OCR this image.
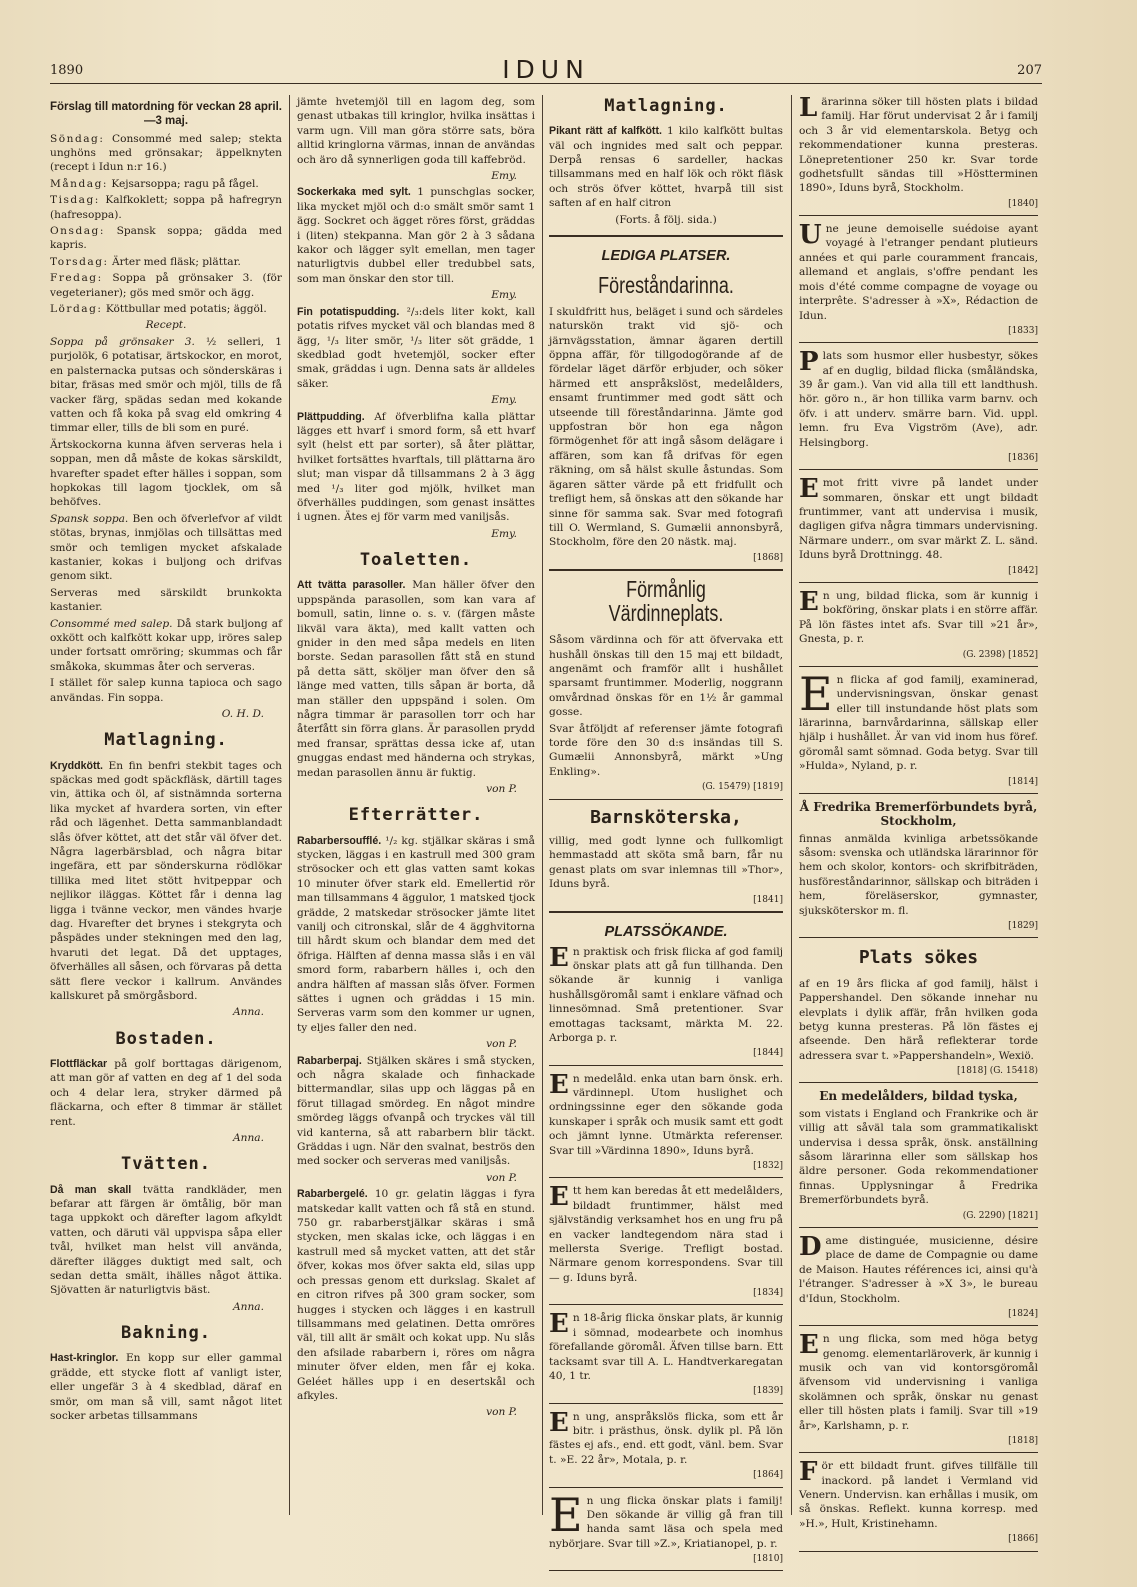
1890	IDUN	207
Förslag till matordning för veckan 28 april.—3 maj.

Söndag: Consommé med salep; stekta unghöns med grönsakar; äppelknyten (recept i Idun n:r 16.)

Måndag: Kejsarsoppa; ragu på fågel.

Tisdag: Kalfkoklett; soppa på hafregryn (hafresoppa).

Onsdag: Spansk soppa; gädda med kapris.

Torsdag: Ärter med fläsk; plättar.

Fredag: Soppa på grönsaker 3. (för vegeterianer); gös med smör och ägg.

Lördag: Köttbullar med potatis; äggöl.

Recept.

Soppa på grönsaker 3. ½ selleri, 1 purjolök, 6 potatisar, ärtskockor, en morot, en palsternacka putsas och sönderskäras i bitar, fräsas med smör och mjöl, tills de få vacker färg, spädas sedan med kokande vatten och få koka på svag eld omkring 4 timmar eller, tills de bli som en puré.

Ärtskockorna kunna äfven serveras hela i soppan, men då måste de kokas särskildt, hvarefter spadet efter hälles i soppan, som hopkokas till lagom tjocklek, om så behöfves.

Spansk soppa. Ben och öfverlefvor af vildt stötas, brynas, inmjölas och tillsättas med smör och temligen mycket afskalade kastanier, kokas i buljong och drifvas genom sikt.

Serveras med särskildt brunkokta kastanier.

Consommé med salep. Då stark buljong af oxkött och kalfkött kokar upp, iröres salep under fortsatt omröring; skummas och får småkoka, skummas åter och serveras.

I stället för salep kunna tapioca och sago användas. Fin soppa.

O. H. D.

Matlagning.

Kryddkött. En fin benfri stekbit tages och späckas med godt späckfläsk, därtill tages vin, ättika och öl, af sistnämnda sorterna lika mycket af hvardera sorten, vin efter råd och lägenhet. Detta sammanblandadt slås öfver köttet, att det står väl öfver det. Några lagerbärsblad, och några bitar ingefära, ett par sönderskurna rödlökar tillika med litet stött hvitpeppar och nejlikor iläggas. Köttet får i denna lag ligga i tvänne veckor, men vändes hvarje dag. Hvarefter det brynes i stekgryta och påspädes under stekningen med den lag, hvaruti det legat. Då det upptages, öfverhälles all såsen, och förvaras på detta sätt flere veckor i kallrum. Användes kallskuret på smörgåsbord.

Anna.

Bostaden.

Flottfläckar på golf borttagas därigenom, att man gör af vatten en deg af 1 del soda och 4 delar lera, stryker därmed på fläckarna, och efter 8 timmar är stället rent.

Anna.

Tvätten.

Då man skall tvätta randkläder, men befarar att färgen är ömtålig, bör man taga uppkokt och därefter lagom afkyldt vatten, och däruti väl uppvispa såpa eller tvål, hvilket man helst vill använda, därefter ilägges duktigt med salt, och sedan detta smält, ihälles något ättika. Sjövatten är naturligtvis bäst.

Anna.

Bakning.

Hast-kringlor. En kopp sur eller gammal grädde, ett stycke flott af vanligt ister, eller ungefär 3 à 4 skedblad, däraf en smör, om man så vill, samt något litet socker arbetas tillsammans

jämte hvetemjöl till en lagom deg, som genast utbakas till kringlor, hvilka insättas i varm ugn. Vill man göra större sats, böra alltid kringlorna värmas, innan de användas och äro då synnerligen goda till kaffebröd.

Emy.

Sockerkaka med sylt. 1 punschglas socker, lika mycket mjöl och d:o smält smör samt 1 ägg. Sockret och ägget röres först, gräddas i (liten) stekpanna. Man gör 2 à 3 sådana kakor och lägger sylt emellan, men tager naturligtvis dubbel eller tredubbel sats, som man önskar den stor till.

Emy.

Fin potatispudding. ²/₃:dels liter kokt, kall potatis rifves mycket väl och blandas med 8 ägg, ¹/₃ liter smör, ¹/₃ liter söt grädde, 1 skedblad godt hvetemjöl, socker efter smak, gräddas i ugn. Denna sats är alldeles säker.

Emy.

Plättpudding. Af öfverblifna kalla plättar lägges ett hvarf i smord form, så ett hvarf sylt (helst ett par sorter), så åter plättar, hvilket fortsättes hvarftals, till plättarna äro slut; man vispar då tillsammans 2 à 3 ägg med ¹/₃ liter god mjölk, hvilket man öfverhälles puddingen, som genast insättes i ugnen. Ätes ej för varm med vaniljsås.

Emy.

Toaletten.

Att tvätta parasoller. Man häller öfver den uppspända parasollen, som kan vara af bomull, satin, linne o. s. v. (färgen måste likväl vara äkta), med kallt vatten och gnider in den med såpa medels en liten borste. Sedan parasollen fått stå en stund på detta sätt, sköljer man öfver den så länge med vatten, tills såpan är borta, då man ställer den uppspänd i solen. Om några timmar är parasollen torr och har återfått sin förra glans. Är parasollen prydd med fransar, sprättas dessa icke af, utan gnuggas endast med händerna och strykas, medan parasollen ännu är fuktig.

von P.

Efterrätter.

Rabarbersoufflé. ¹/₂ kg. stjälkar skäras i små stycken, läggas i en kastrull med 300 gram strösocker och ett glas vatten samt kokas 10 minuter öfver stark eld. Emellertid rör man tillsammans 4 äggulor, 1 matsked tjock grädde, 2 matskedar strösocker jämte litet vanilj och citronskal, slår de 4 ägghvitorna till hårdt skum och blandar dem med det öfriga. Hälften af denna massa slås i en väl smord form, rabarbern hälles i, och den andra hälften af massan slås öfver. Formen sättes i ugnen och gräddas i 15 min. Serveras varm som den kommer ur ugnen, ty eljes faller den ned.

von P.

Rabarberpaj. Stjälken skäres i små stycken, och några skalade och finhackade bittermandlar, silas upp och läggas på en förut tillagad smördeg. En något mindre smördeg läggs ofvanpå och tryckes väl till vid kanterna, så att rabarbern blir täckt. Gräddas i ugn. När den svalnat, beströs den med socker och serveras med vaniljsås.

von P.

Rabarbergelé. 10 gr. gelatin läggas i fyra matskedar kallt vatten och få stå en stund. 750 gr. rabarberstjälkar skäras i små stycken, men skalas icke, och läggas i en kastrull med så mycket vatten, att det står öfver, kokas mos öfver sakta eld, silas upp och pressas genom ett durkslag. Skalet af en citron rifves på 300 gram socker, som hugges i stycken och lägges i en kastrull tillsammans med gelatinen. Detta omröres väl, till allt är smält och kokat upp. Nu slås den afsilade rabarbern i, röres om några minuter öfver elden, men får ej koka. Geléet hälles upp i en desertskål och afkyles.

von P.

Matlagning.

Pikant rätt af kalfkött. 1 kilo kalfkött bultas väl och ingnides med salt och peppar. Derpå rensas 6 sardeller, hackas tillsammans med en half lök och rökt fläsk och strös öfver köttet, hvarpå till sist saften af en half citron

(Forts. å följ. sida.)

LEDIGA PLATSER.
Föreståndarinna.

I skuldfritt hus, beläget i sund och särdeles naturskön trakt vid sjö- och järnvägsstation, ämnar ägaren dertill öppna affär, för tillgodogörande af de fördelar läget därför erbjuder, och söker härmed ett anspråkslöst, medelålders, ensamt fruntimmer med godt sätt och utseende till föreståndarinna. Jämte god uppfostran bör hon ega någon förmögenhet för att ingå såsom delägare i affären, som kan få drifvas för egen räkning, om så hälst skulle åstundas. Som ägaren sätter värde på ett fridfullt och trefligt hem, så önskas att den sökande har sinne för samma sak. Svar med fotografi till O. Wermland, S. Gumælii annonsbyrå, Stockholm, före den 20 nästk. maj.

[1868]

Förmånlig Värdinneplats.

Såsom värdinna och för att öfvervaka ett hushåll önskas till den 15 maj ett bildadt, angenämt och framför allt i hushållet sparsamt fruntimmer. Moderlig, noggrann omvårdnad önskas för en 1½ år gammal gosse.

Svar åtföljdt af referenser jämte fotografi torde före den 30 d:s insändas till S. Gumælii Annonsbyrå, märkt »Ung Enkling».

(G. 15479) [1819]

Barnsköterska,

villig, med godt lynne och fullkomligt hemmastadd att sköta små barn, får nu genast plats om svar inlemnas till »Thor», Iduns byrå.

[1841]

PLATSSÖKANDE.

En praktisk och frisk flicka af god familj önskar plats att gå fun tillhanda. Den sökande är kunnig i vanliga hushållsgöromål samt i enklare väfnad och linnesömnad. Små pretentioner. Svar emottagas tacksamt, märkta M. 22. Arborga p. r.

[1844]

En medelåld. enka utan barn önsk. erh. värdinnepl. Utom huslighet och ordningssinne eger den sökande goda kunskaper i språk och musik samt ett godt och jämnt lynne. Utmärkta referenser. Svar till »Värdinna 1890», Iduns byrå.

[1832]

Ett hem kan beredas åt ett medelålders, bildadt fruntimmer, hälst med självständig verksamhet hos en ung fru på en vacker landtegendom nära stad i mellersta Sverige. Trefligt bostad. Närmare genom korrespondens. Svar till — g. Iduns byrå.

[1834]

En 18-årig flicka önskar plats, är kunnig i sömnad, modearbete och inomhus förefallande göromål. Äfven tillse barn. Ett tacksamt svar till A. L. Handtverkaregatan 40, 1 tr.

[1839]

En ung, anspråkslös flicka, som ett år bitr. i prästhus, önsk. dylik pl. På lön fästes ej afs., end. ett godt, vänl. bem. Svar t. »E. 22 år», Motala, p. r.

[1864]

En ung flicka önskar plats i familj! Den sökande är villig gå fran till handa samt läsa och spela med nybörjare. Svar till »Z.», Kriatianopel, p. r.

[1810]

Lärarinna söker till hösten plats i bildad familj. Har förut undervisat 2 år i familj och 3 år vid elementarskola. Betyg och rekommendationer kunna presteras. Lönepretentioner 250 kr. Svar torde godhetsfullt sändas till »Höstterminen 1890», Iduns byrå, Stockholm.

[1840]

Une jeune demoiselle suédoise ayant voyagé à l'etranger pendant plutieurs années et qui parle couramment francais, allemand et anglais, s'offre pendant les mois d'été comme compagne de voyage ou interprête. S'adresser à »X», Rédaction de Idun.

[1833]

Plats som husmor eller husbestyr, sökes af en duglig, bildad flicka (småländska, 39 år gam.). Van vid alla till ett landthush. hör. göro n., är hon tillika varm barnv. och öfv. i att underv. smärre barn. Vid. uppl. lemn. fru Eva Vigström (Ave), adr. Helsingborg.

[1836]

Emot fritt vivre på landet under sommaren, önskar ett ungt bildadt fruntimmer, vant att undervisa i musik, dagligen gifva några timmars undervisning. Närmare underr., om svar märkt Z. L. sänd. Iduns byrå Drottningg. 48.

[1842]

En ung, bildad flicka, som är kunnig i bokföring, önskar plats i en större affär. På lön fästes intet afs. Svar till »21 år», Gnesta, p. r.

(G. 2398) [1852]

En flicka af god familj, examinerad, undervisningsvan, önskar genast eller till instundande höst plats som lärarinna, barnvårdarinna, sällskap eller hjälp i hushållet. Är van vid inom hus föref. göromål samt sömnad. Goda betyg. Svar till »Hulda», Nyland, p. r.

[1814]

Å Fredrika Bremerförbundets byrå, Stockholm,

finnas anmälda kvinliga arbetssökande såsom: svenska och utländska lärarinnor för hem och skolor, kontors- och skrifbiträden, husföreståndarinnor, sällskap och biträden i hem, föreläserskor, gymnaster, sjuksköterskor m. fl.

[1829]

Plats sökes

af en 19 års flicka af god familj, hälst i Pappershandel. Den sökande innehar nu elevplats i dylik affär, från hvilken goda betyg kunna presteras. På lön fästes ej afseende. Den härå reflekterar torde adressera svar t. »Pappershandeln», Wexiö.

[1818] (G. 15418)

En medelålders, bildad tyska,

som vistats i England och Frankrike och är villig att såväl tala som grammatikaliskt undervisa i dessa språk, önsk. anställning såsom lärarinna eller som sällskap hos äldre personer. Goda rekommendationer finnas. Upplysningar å Fredrika Bremerförbundets byrå.

(G. 2290) [1821]

Dame distinguée, musicienne, désire place de dame de Compagnie ou dame de Maison. Hautes références ici, ainsi qu'à l'étranger. S'adresser à »X 3», le bureau d'Idun, Stockholm.

[1824]

En ung flicka, som med höga betyg genomg. elementarläroverk, är kunnig i musik och van vid kontorsgöromål äfvensom vid undervisning i vanliga skolämnen och språk, önskar nu genast eller till hösten plats i familj. Svar till »19 år», Karlshamn, p. r.

[1818]

För ett bildadt frunt. gifves tillfälle till inackord. på landet i Vermland vid Venern. Undervisn. kan erhållas i musik, om så önskas. Reflekt. kunna korresp. med »H.», Hult, Kristinehamn.

[1866]
